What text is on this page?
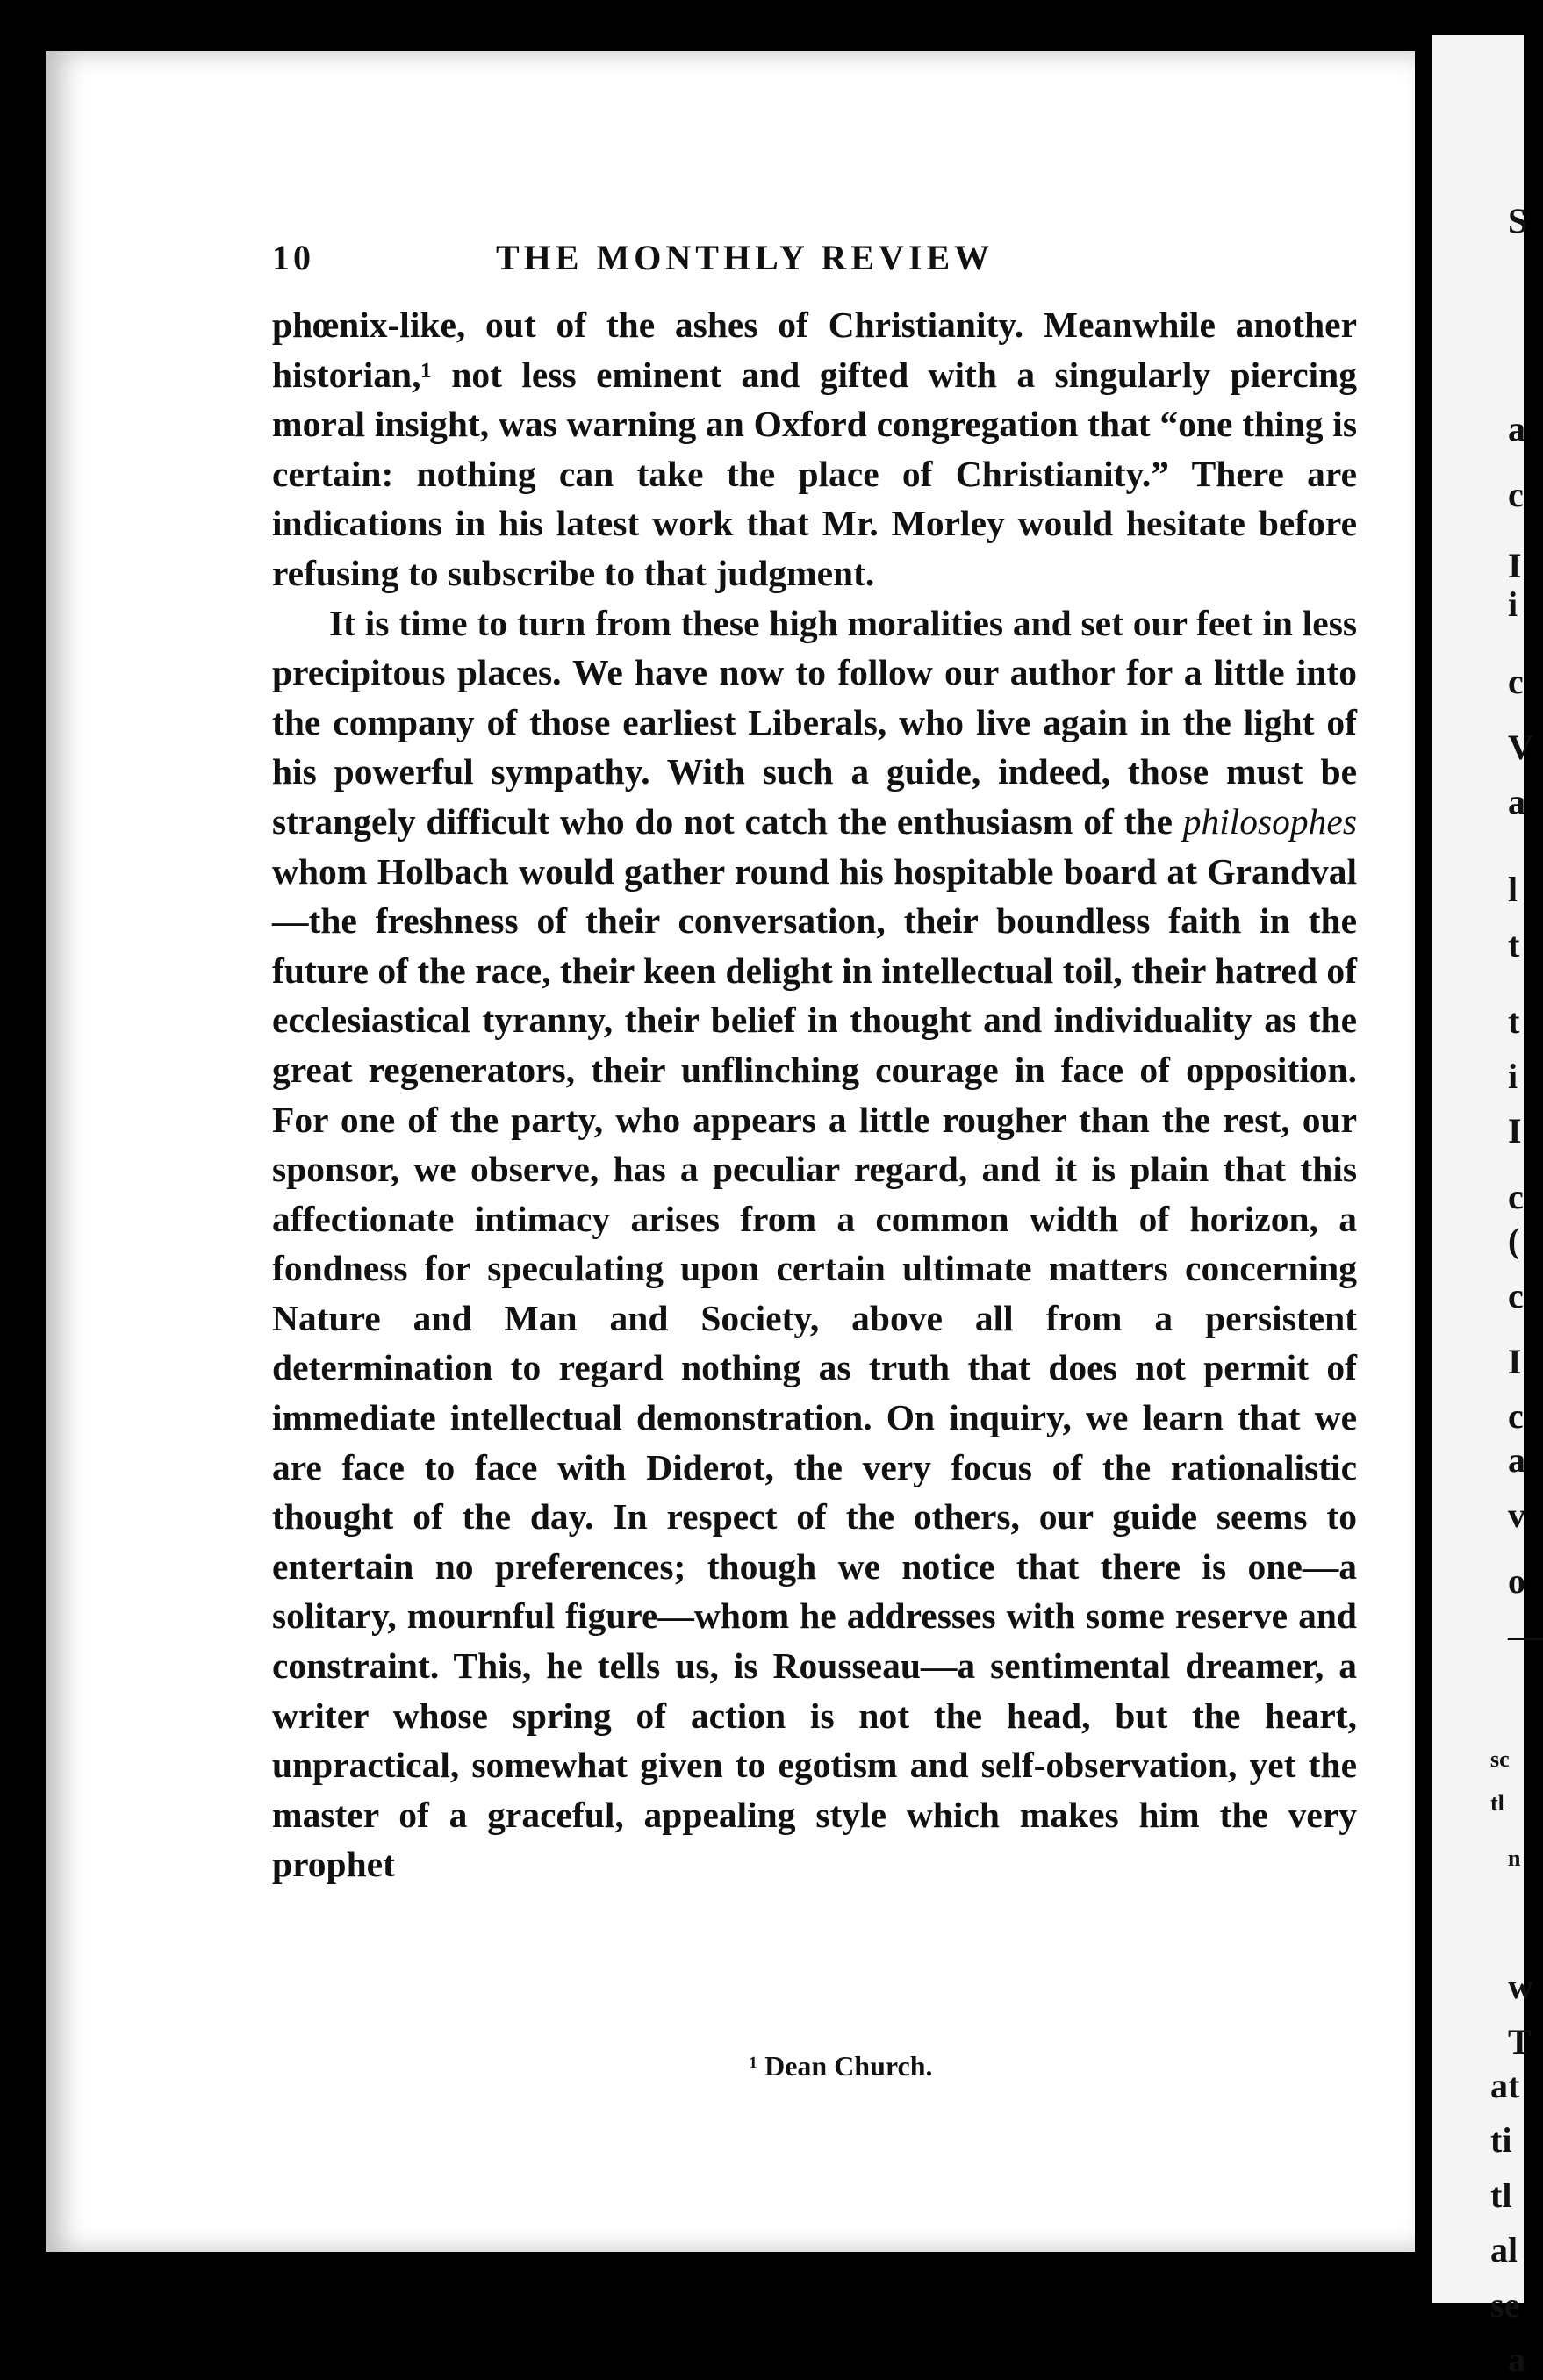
10	THE MONTHLY REVIEW

phœnix-like, out of the ashes of Christianity. Meanwhile another historian,¹ not less eminent and gifted with a singularly piercing moral insight, was warning an Oxford congregation that “one thing is certain: nothing can take the place of Christianity.” There are indications in his latest work that Mr. Morley would hesitate before refusing to subscribe to that judgment.

It is time to turn from these high moralities and set our feet in less precipitous places. We have now to follow our author for a little into the company of those earliest Liberals, who live again in the light of his powerful sympathy. With such a guide, indeed, those must be strangely difficult who do not catch the enthusiasm of the philosophes whom Holbach would gather round his hospitable board at Grandval—the freshness of their conversation, their boundless faith in the future of the race, their keen delight in intellectual toil, their hatred of ecclesiastical tyranny, their belief in thought and individuality as the great regenerators, their unflinching courage in face of opposition. For one of the party, who appears a little rougher than the rest, our sponsor, we observe, has a peculiar regard, and it is plain that this affectionate intimacy arises from a common width of horizon, a fondness for speculating upon certain ultimate matters concerning Nature and Man and Society, above all from a persistent determination to regard nothing as truth that does not permit of immediate intellectual demonstration. On inquiry, we learn that we are face to face with Diderot, the very focus of the rationalistic thought of the day. In respect of the others, our guide seems to entertain no preferences; though we notice that there is one—a solitary, mournful figure—whom he addresses with some reserve and constraint. This, he tells us, is Rousseau—a sentimental dreamer, a writer whose spring of action is not the head, but the heart, unpractical, somewhat given to egotism and self-observation, yet the master of a graceful, appealing style which makes him the very prophet

¹ Dean Church.
S
a
c
I
i
c
V
a
l
t
t
i
I
c
(
c
I
c
a
v
o
—
sc
tl
n
w
T
at
ti
tl
al
se
a
